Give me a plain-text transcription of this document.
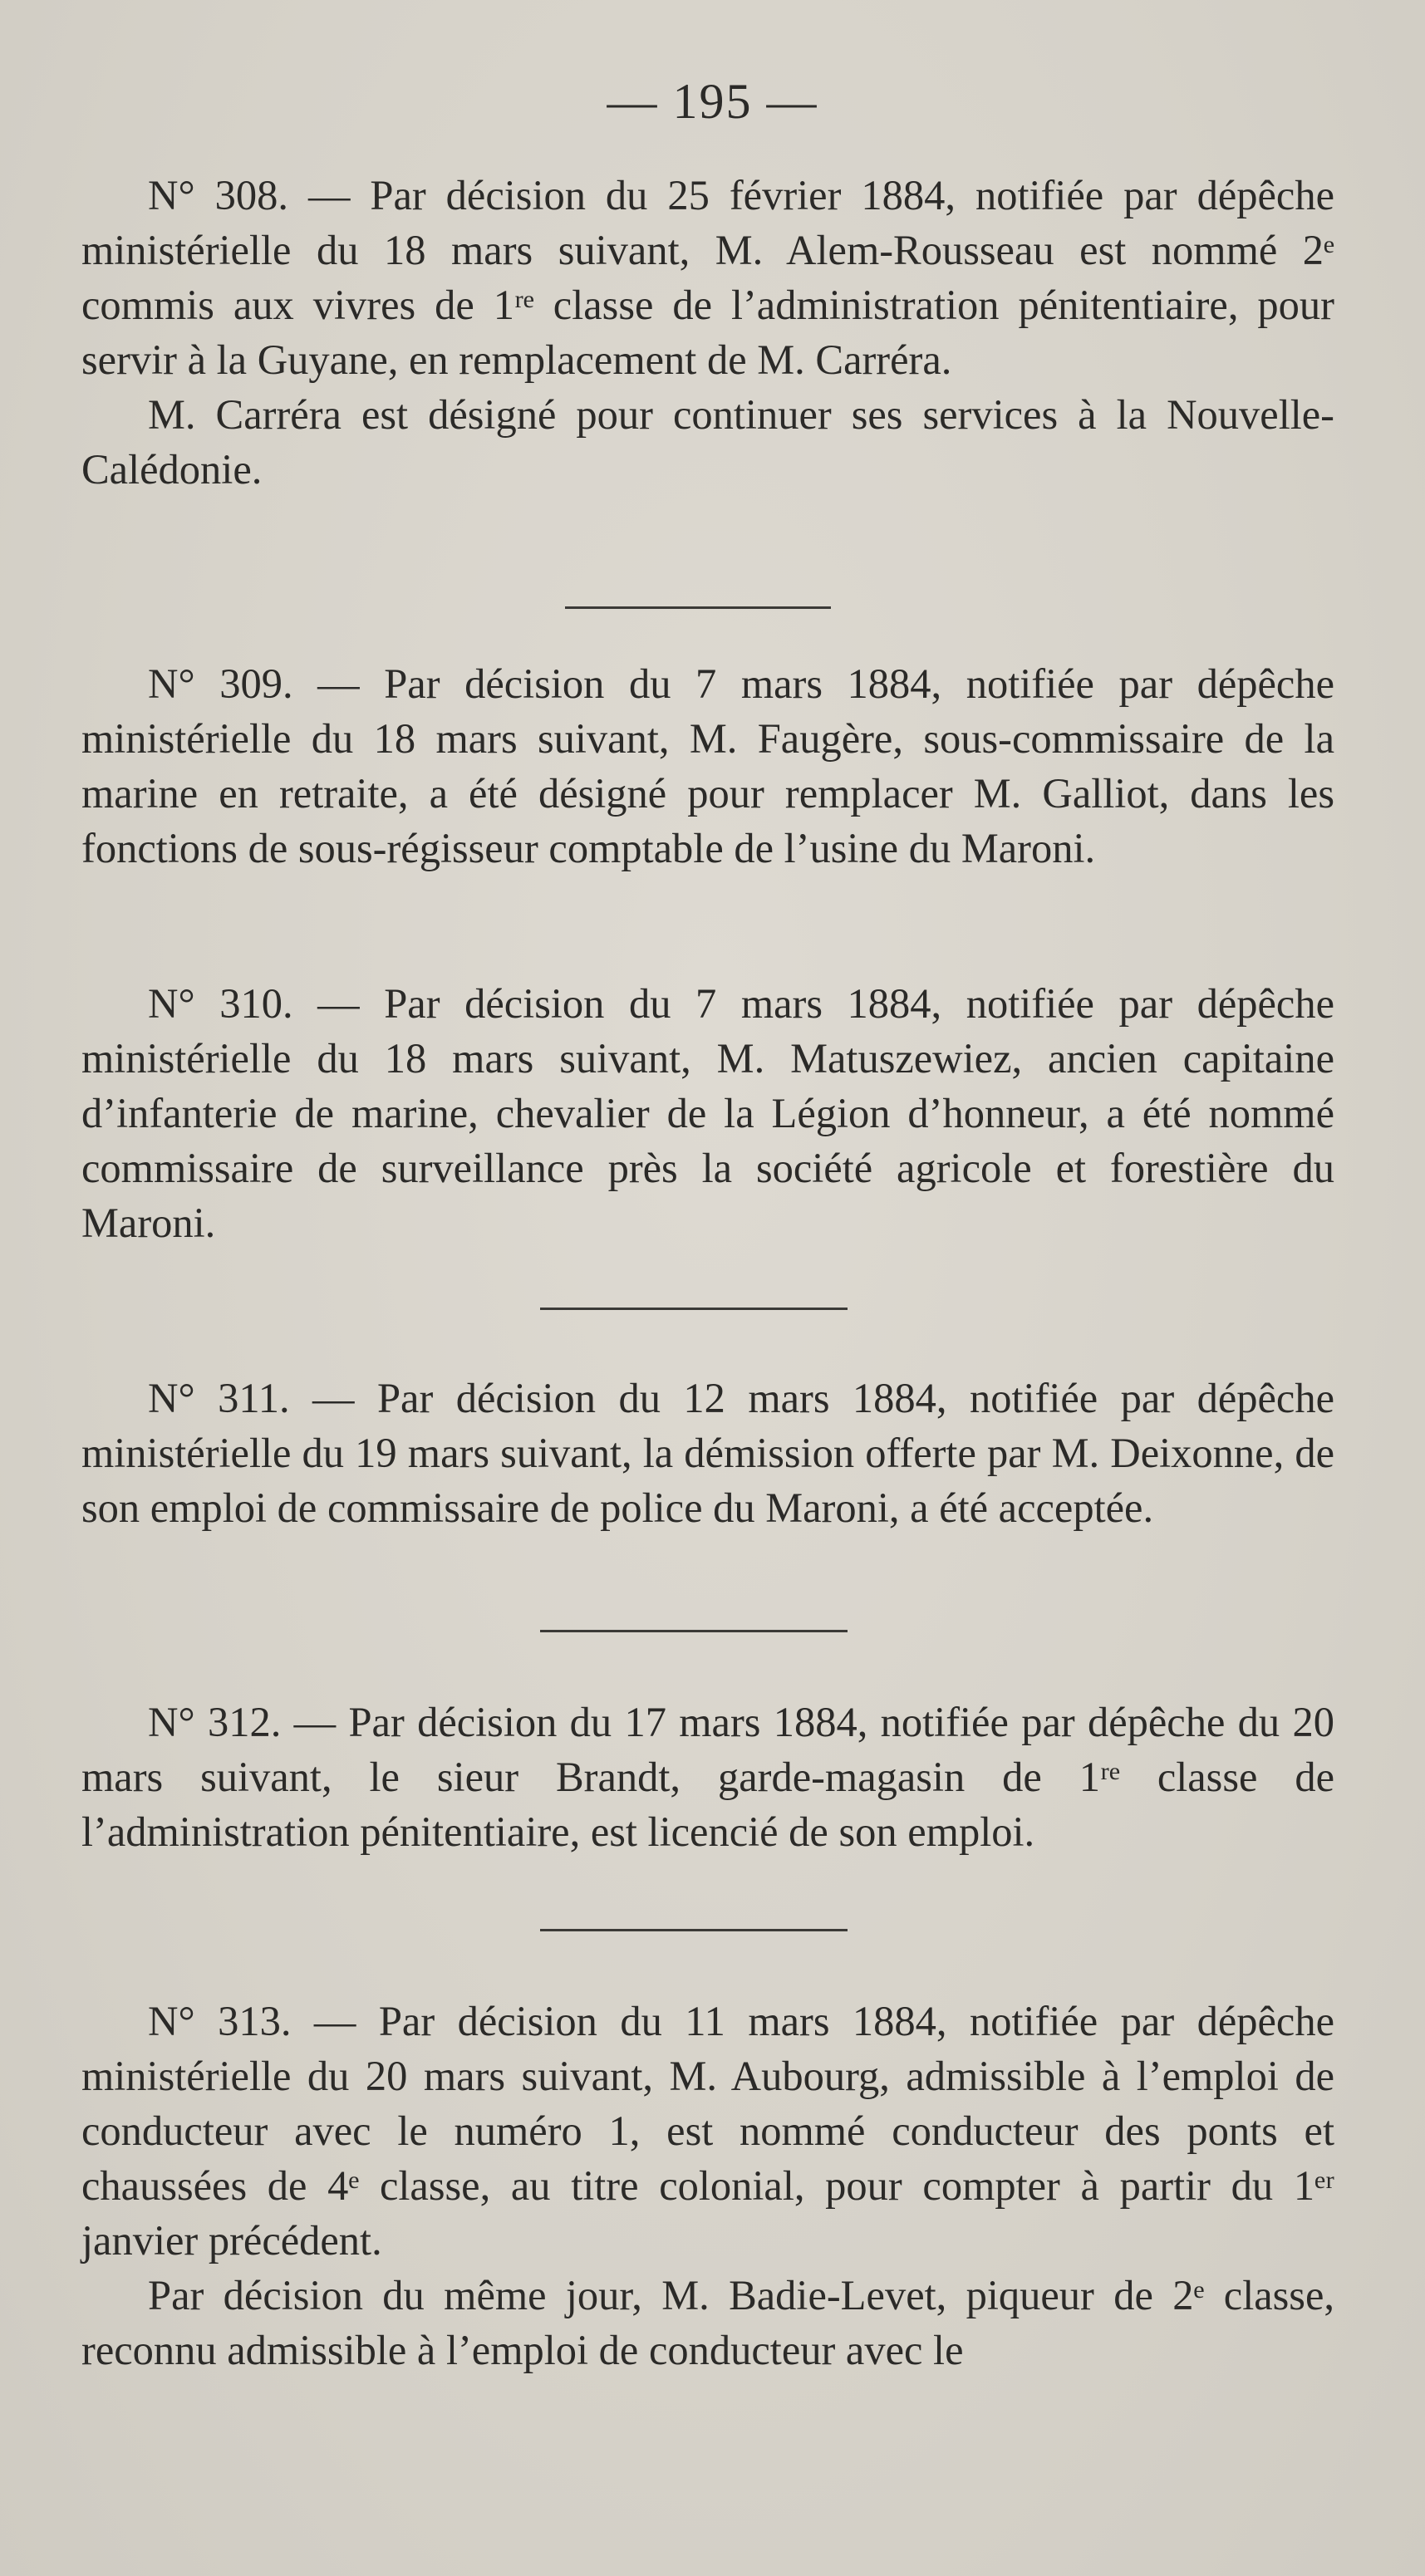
— 195 —

N° 308. — Par décision du 25 février 1884, notifiée par dépêche ministérielle du 18 mars suivant, M. Alem-Rousseau est nommé 2ᵉ commis aux vivres de 1ʳᵉ classe de l’administration pénitentiaire, pour servir à la Guyane, en remplacement de M. Carréra.

M. Carréra est désigné pour continuer ses services à la Nouvelle-Calédonie.

N° 309. — Par décision du 7 mars 1884, notifiée par dépêche ministérielle du 18 mars suivant, M. Faugère, sous-commissaire de la marine en retraite, a été désigné pour remplacer M. Galliot, dans les fonctions de sous-régisseur comptable de l’usine du Maroni.

N° 310. — Par décision du 7 mars 1884, notifiée par dépêche ministérielle du 18 mars suivant, M. Matuszewiez, ancien capitaine d’infanterie de marine, chevalier de la Légion d’honneur, a été nommé commissaire de surveillance près la société agricole et forestière du Maroni.

N° 311. — Par décision du 12 mars 1884, notifiée par dépêche ministérielle du 19 mars suivant, la démission offerte par M. Deixonne, de son emploi de commissaire de police du Maroni, a été acceptée.

N° 312. — Par décision du 17 mars 1884, notifiée par dépêche du 20 mars suivant, le sieur Brandt, garde-magasin de 1ʳᵉ classe de l’administration pénitentiaire, est licencié de son emploi.

N° 313. — Par décision du 11 mars 1884, notifiée par dépêche ministérielle du 20 mars suivant, M. Aubourg, admissible à l’emploi de conducteur avec le numéro 1, est nommé conducteur des ponts et chaussées de 4ᵉ classe, au titre colonial, pour compter à partir du 1ᵉʳ janvier précédent.

Par décision du même jour, M. Badie-Levet, piqueur de 2ᵉ classe, reconnu admissible à l’emploi de conducteur avec le
